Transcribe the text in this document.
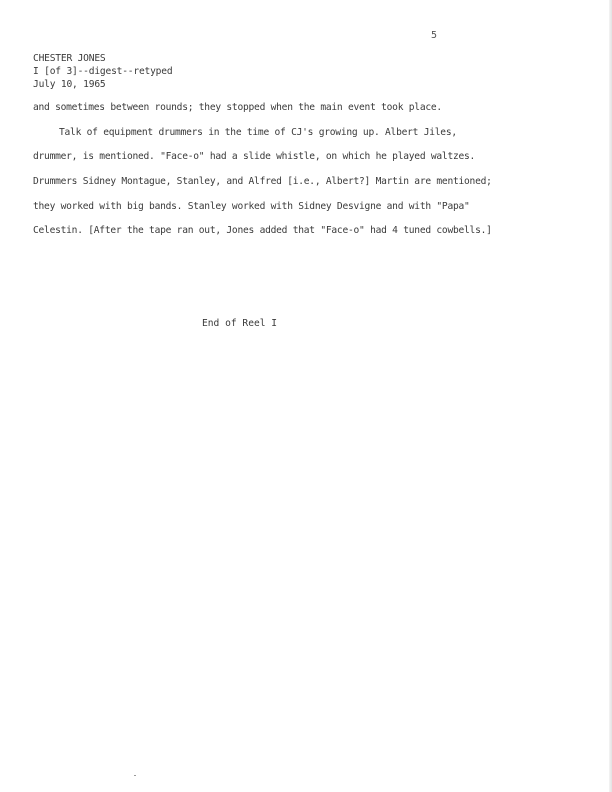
5
CHESTER JONES
I [of 3]--digest--retyped
July 10, 1965
and sometimes between rounds; they stopped when the main event took place.
Talk of equipment drummers in the time of CJ's growing up. Albert Jiles,
drummer, is mentioned. "Face-o" had a slide whistle, on which he played waltzes.
Drummers Sidney Montague, Stanley, and Alfred [i.e., Albert?] Martin are mentioned;
they worked with big bands. Stanley worked with Sidney Desvigne and with "Papa"
Celestin. [After the tape ran out, Jones added that "Face-o" had 4 tuned cowbells.]
End of Reel I
